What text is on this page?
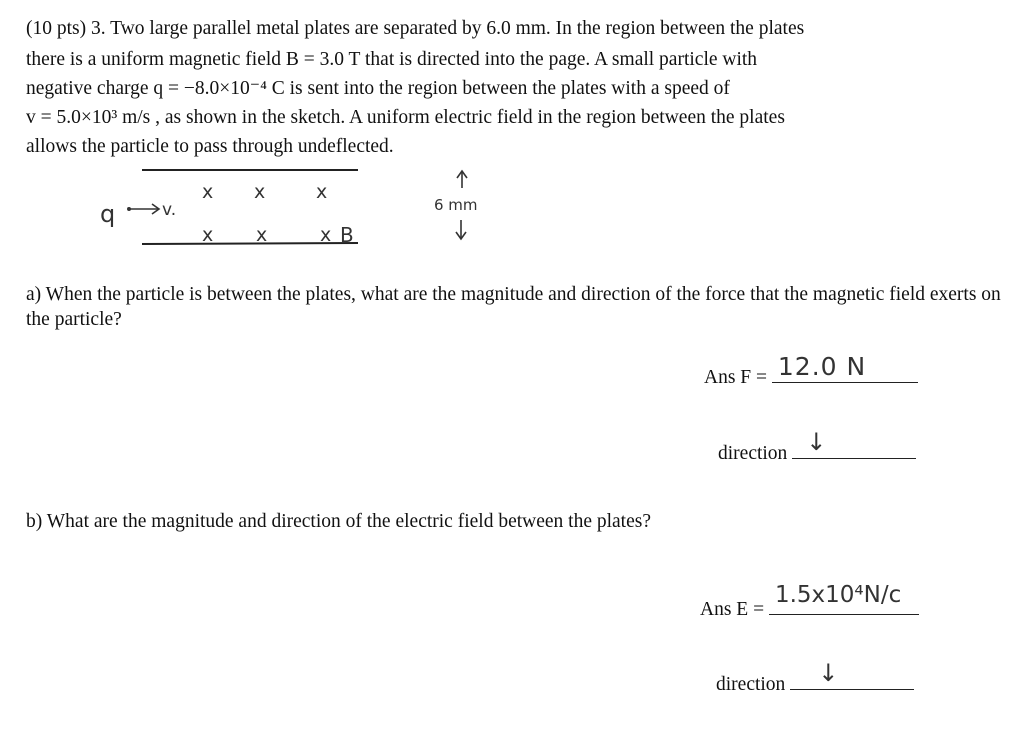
(10 pts) 3. Two large parallel metal plates are separated by 6.0 mm. In the region between the plates

there is a uniform magnetic field B = 3.0 T that is directed into the page. A small particle with

negative charge q = −8.0×10⁻⁴ C is sent into the region between the plates with a speed of

v = 5.0×10³ m/s , as shown in the sketch. A uniform electric field in the region between the plates

allows the particle to pass through undeflected.

q	v.
x x	x
x x	x B
6 mm
a) When the particle is between the plates, what are the magnitude and direction of the force that the magnetic field exerts on the particle?
Ans F = 12.0 N
direction ↓
b) What are the magnitude and direction of the electric field between the plates?
Ans E =
1.5x10⁴N/c
direction ↓
